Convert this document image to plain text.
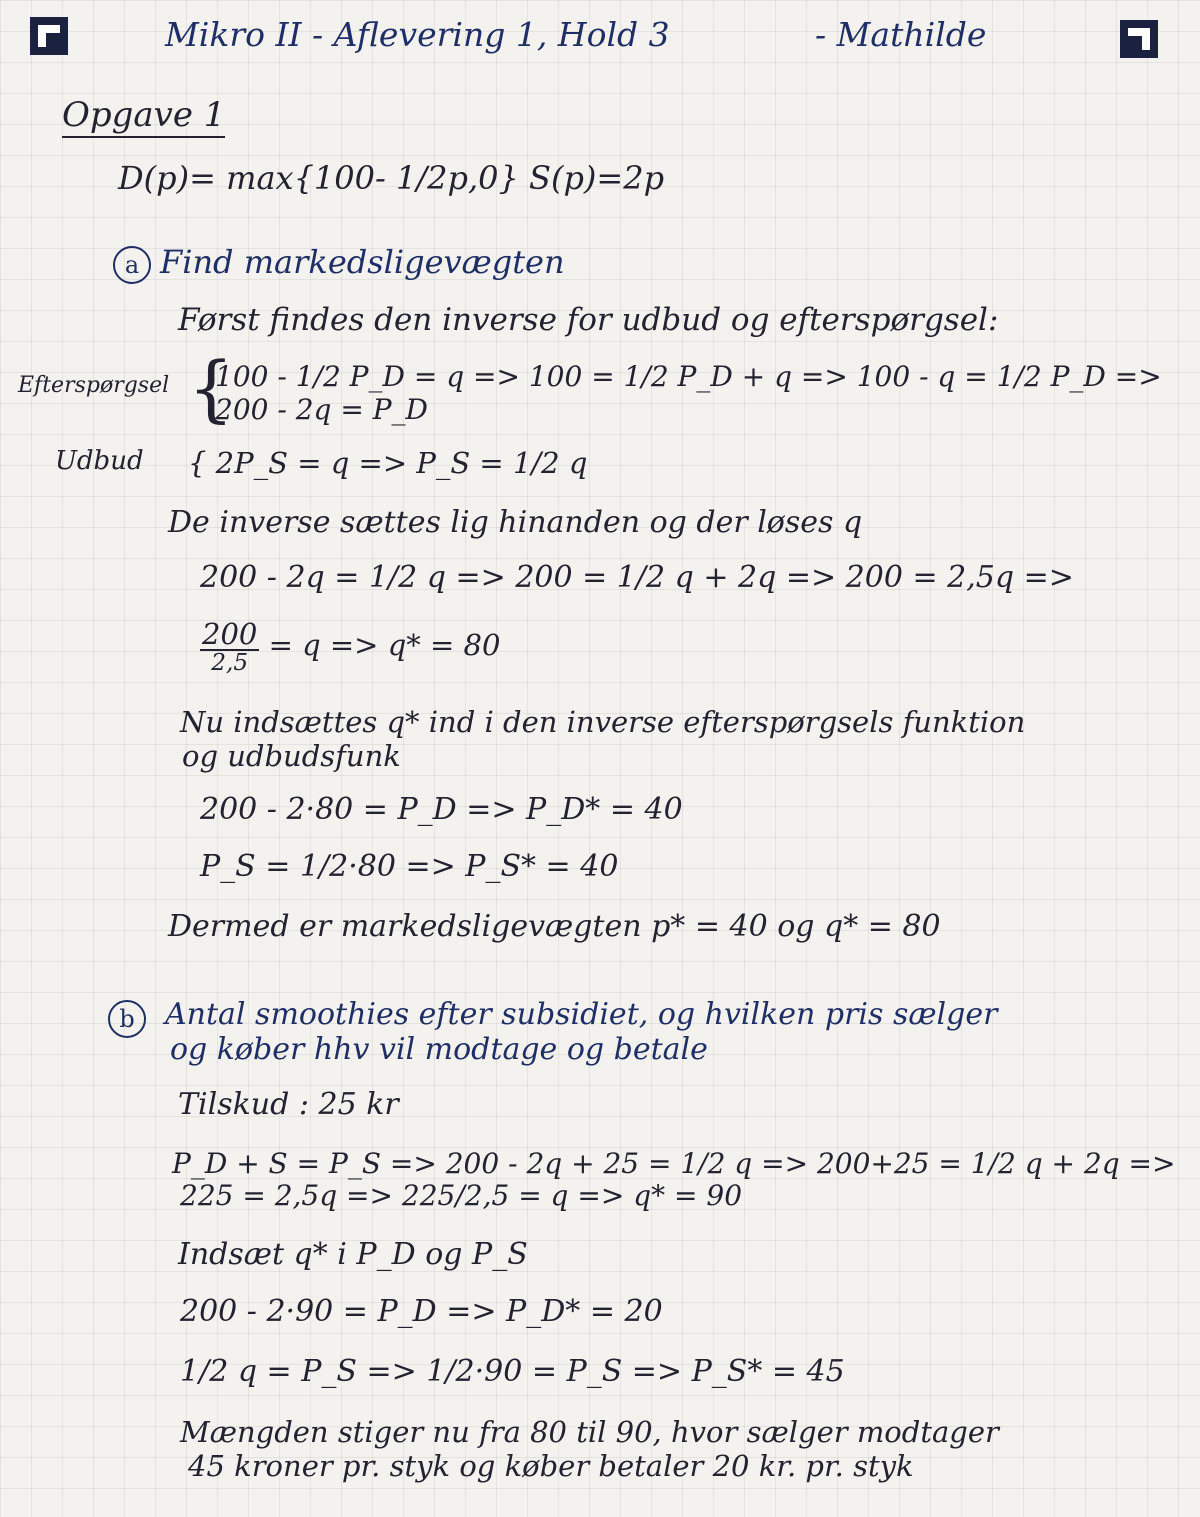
Mikro II - Aflevering 1, Hold 3	- Mathilde
Opgave 1
D(p)= max{100- 1/2p,0} S(p)=2p
a Find markedsligevægten
Først findes den inverse for udbud og efterspørgsel:
Efterspørgsel {
100 - 1/2 P_D = q => 100 = 1/2 P_D + q => 100 - q = 1/2 P_D =>
200 - 2q = P_D
Udbud { 2P_S = q => P_S = 1/2 q
De inverse sættes lig hinanden og der løses q
200 - 2q = 1/2 q => 200 = 1/2 q + 2q => 200 = 2,5q =>
$\frac{200}{2,5} = q => q* = 80$
Nu indsættes q* ind i den inverse efterspørgsels funktion
og udbudsfunk
200 - 2·80 = P_D => P_D* = 40
P_S = 1/2·80 => P_S* = 40
Dermed er markedsligevægten p* = 40 og q* = 80
b	Antal smoothies efter subsidiet, og hvilken pris sælger
og køber hhv vil modtage og betale
Tilskud : 25 kr
P_D + S = P_S => 200 - 2q + 25 = 1/2 q => 200+25 = 1/2 q + 2q =>
225 = 2,5q => 225/2,5 = q => q* = 90
Indsæt q* i P_D og P_S
200 - 2·90 = P_D => P_D* = 20
1/2 q = P_S => 1/2·90 = P_S => P_S* = 45
Mængden stiger nu fra 80 til 90, hvor sælger modtager
45 kroner pr. styk og køber betaler 20 kr. pr. styk
